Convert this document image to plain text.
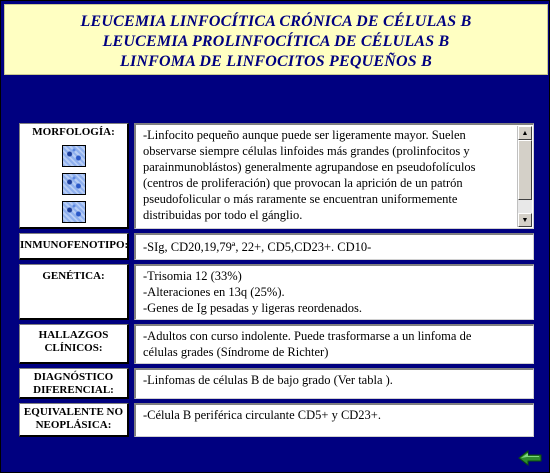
LEUCEMIA LINFOCÍTICA CRÓNICA DE CÉLULAS B
LEUCEMIA PROLINFOCÍTICA DE CÉLULAS B
LINFOMA DE LINFOCITOS PEQUEÑOS B
MORFOLOGÍA:	-Linfocito pequeño aunque puede ser ligeramente mayor. Suelen
observarse siempre células linfoides más grandes (prolinfocitos y
parainmunoblástos) generalmente agrupandose en pseudofolículos
(centros de proliferación) que provocan la aprición de un patrón
pseudofolicular o más raramente se encuentran uniformemente
distribuidas por todo el gánglio.
▲
▼
INMUNOFENOTIPO:	-SIg, CD20,19,79ª, 22+, CD5,CD23+. CD10-
GENÉTICA:	-Trisomia 12 (33%)
-Alteraciones en 13q (25%).
-Genes de Ig pesadas y ligeras reordenados.
HALLAZGOS
CLÍNICOS:
-Adultos con curso indolente. Puede trasformarse a un linfoma de
células grades (Síndrome de Richter)
DIAGNÓSTICO
DIFERENCIAL:
-Linfomas de células B de bajo grado (Ver tabla ).
EQUIVALENTE NO
NEOPLÁSICA:
-Célula B periférica circulante CD5+ y CD23+.
